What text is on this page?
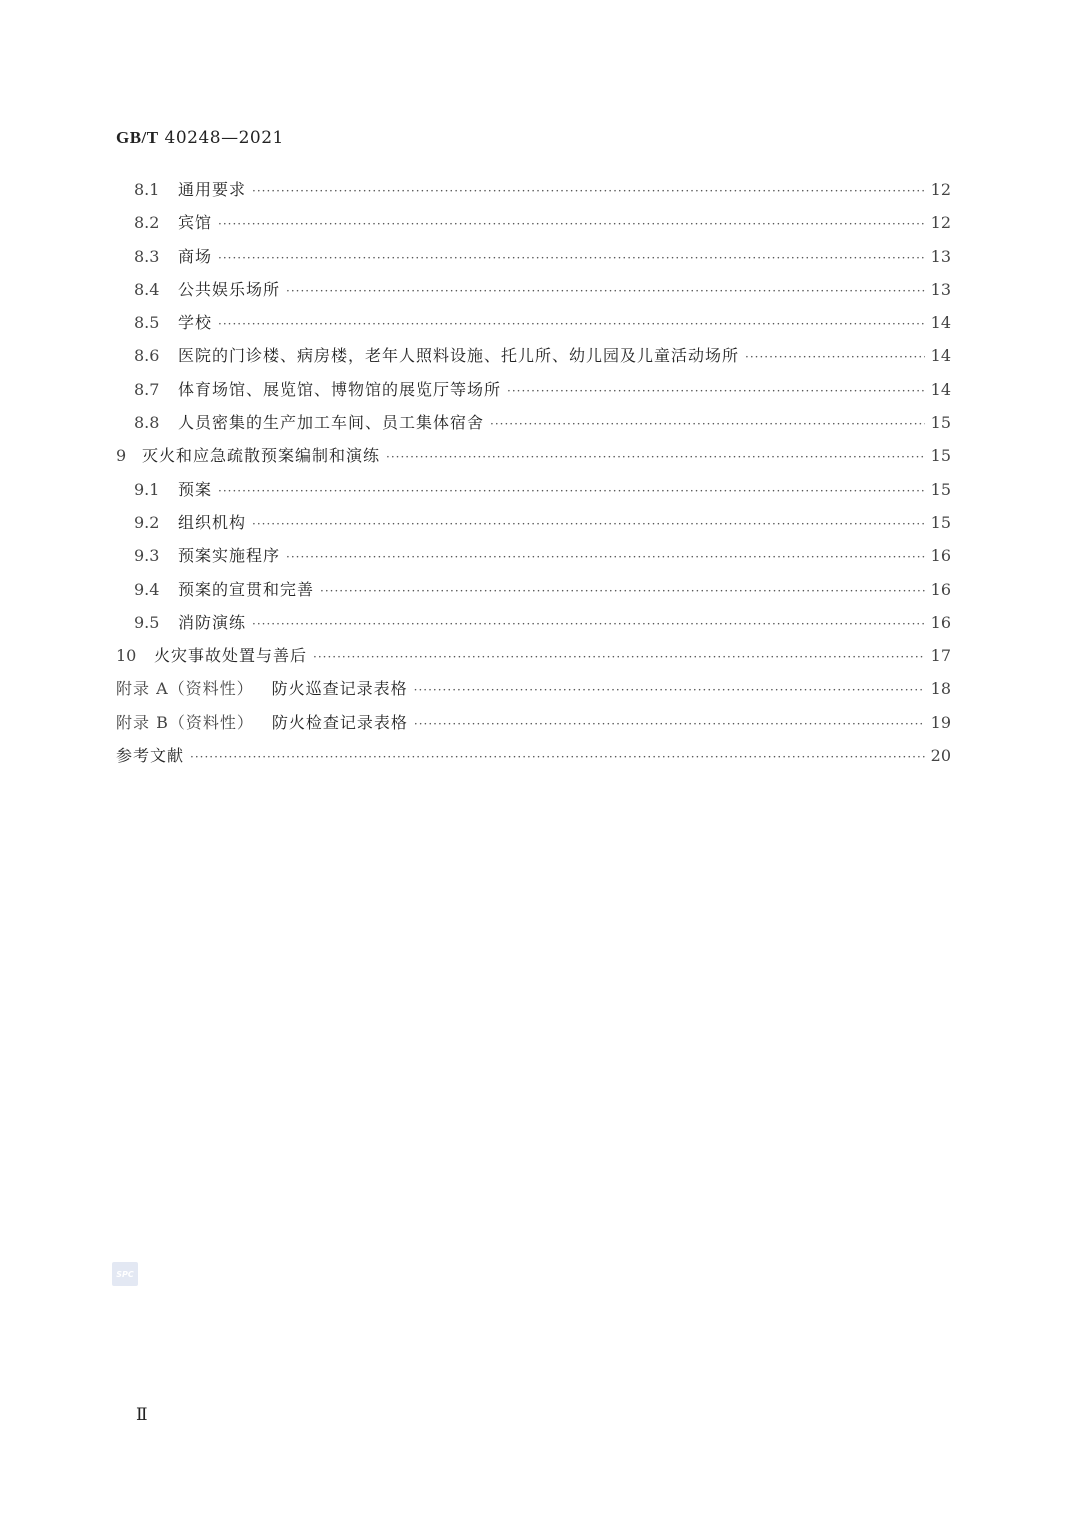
GB/T 40248—2021
8.1	通用要求 ·····	12
8.2	宾馆 ·····	12
8.3	商场 ·····	13
8.4	公共娱乐场所 ·····	13
8.5	学校 ·····	14
8.6	医院的门诊楼、病房楼，老年人照料设施、托儿所、幼儿园及儿童活动场所 ·····	14
8.7	体育场馆、展览馆、博物馆的展览厅等场所 ·····	14
8.8	人员密集的生产加工车间、员工集体宿舍 ·····	15
9 灭火和应急疏散预案编制和演练 ·····	15
9.1	预案 ·····	15
9.2	组织机构 ·····	15
9.3	预案实施程序 ·····	16
9.4	预案的宣贯和完善 ·····	16
9.5	消防演练 ·····	16
10	火灾事故处置与善后 ·····	17
附录 A（资料性） 防火巡查记录表格 ·····	18
附录 B（资料性） 防火检查记录表格 ·····	19
参考文献 ·····	20
SPC
Ⅱ
